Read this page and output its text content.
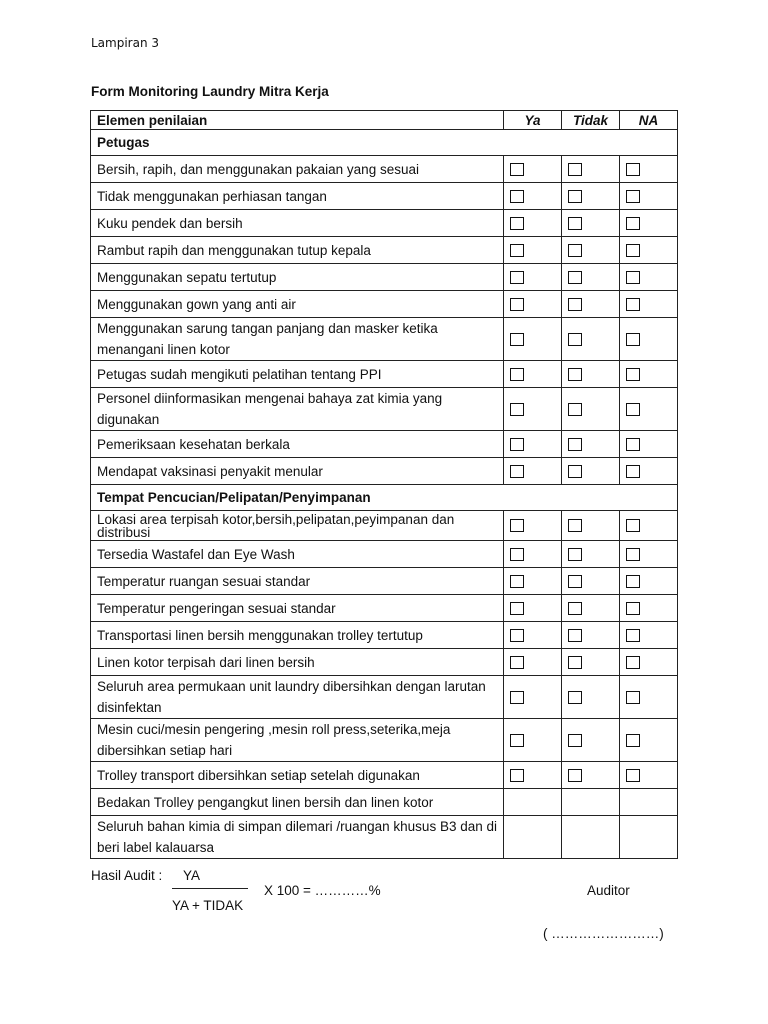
Lampiran 3
Form Monitoring Laundry Mitra Kerja
Elemen penilaian	Ya	Tidak	NA
Petugas			
Bersih, rapih, dan menggunakan pakaian yang sesuai			
Tidak menggunakan perhiasan tangan			
Kuku pendek dan bersih			
Rambut rapih dan menggunakan tutup kepala			
Menggunakan sepatu tertutup			
Menggunakan gown yang anti air			
Menggunakan sarung tangan panjang dan masker ketika menangani linen kotor			
Petugas sudah mengikuti pelatihan tentang PPI			
Personel diinformasikan mengenai bahaya zat kimia yang digunakan			
Pemeriksaan kesehatan berkala			
Mendapat vaksinasi penyakit menular			
Tempat Pencucian/Pelipatan/Penyimpanan			
Lokasi area terpisah kotor,bersih,pelipatan,peyimpanan dan distribusi			
Tersedia Wastafel dan Eye Wash			
Temperatur ruangan sesuai standar			
Temperatur pengeringan sesuai standar			
Transportasi linen bersih menggunakan trolley tertutup			
Linen kotor terpisah dari linen bersih			
Seluruh area permukaan unit laundry dibersihkan dengan larutan disinfektan			
Mesin cuci/mesin pengering ,mesin roll press,seterika,meja dibersihkan setiap hari			
Trolley transport dibersihkan setiap setelah digunakan			
Bedakan Trolley pengangkut linen bersih dan linen kotor			
Seluruh bahan kimia di simpan dilemari /ruangan khusus B3 dan di beri label kalauarsa			
Hasil Audit : YA
YA + TIDAK
X 100 = …………%	Auditor
( ……………………)
